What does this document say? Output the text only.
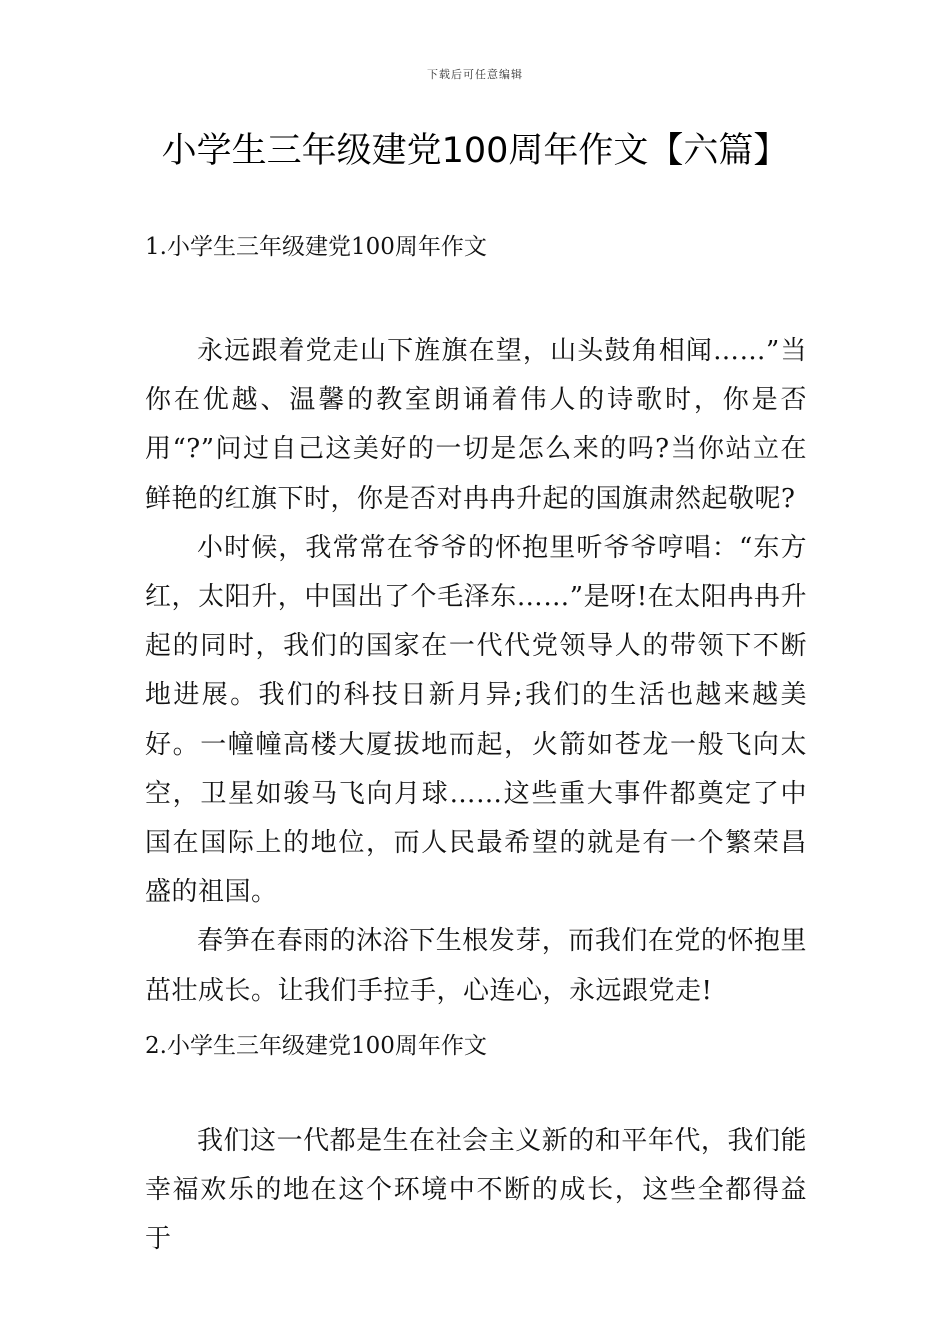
下载后可任意编辑
小学生三年级建党100周年作文【六篇】
1.小学生三年级建党100周年作文

永远跟着党走山下旌旗在望，山头鼓角相闻……”当你在优越、温馨的教室朗诵着伟人的诗歌时，你是否用“?”问过自己这美好的一切是怎么来的吗?当你站立在鲜艳的红旗下时，你是否对冉冉升起的国旗肃然起敬呢?

小时候，我常常在爷爷的怀抱里听爷爷哼唱：“东方红，太阳升，中国出了个毛泽东……”是呀!在太阳冉冉升起的同时，我们的国家在一代代党领导人的带领下不断地进展。我们的科技日新月异;我们的生活也越来越美好。一幢幢高楼大厦拔地而起，火箭如苍龙一般飞向太空，卫星如骏马飞向月球……这些重大事件都奠定了中国在国际上的地位，而人民最希望的就是有一个繁荣昌盛的祖国。

春笋在春雨的沐浴下生根发芽，而我们在党的怀抱里茁壮成长。让我们手拉手，心连心，永远跟党走!

2.小学生三年级建党100周年作文

我们这一代都是生在社会主义新的和平年代，我们能幸福欢乐的地在这个环境中不断的成长，这些全都得益于
